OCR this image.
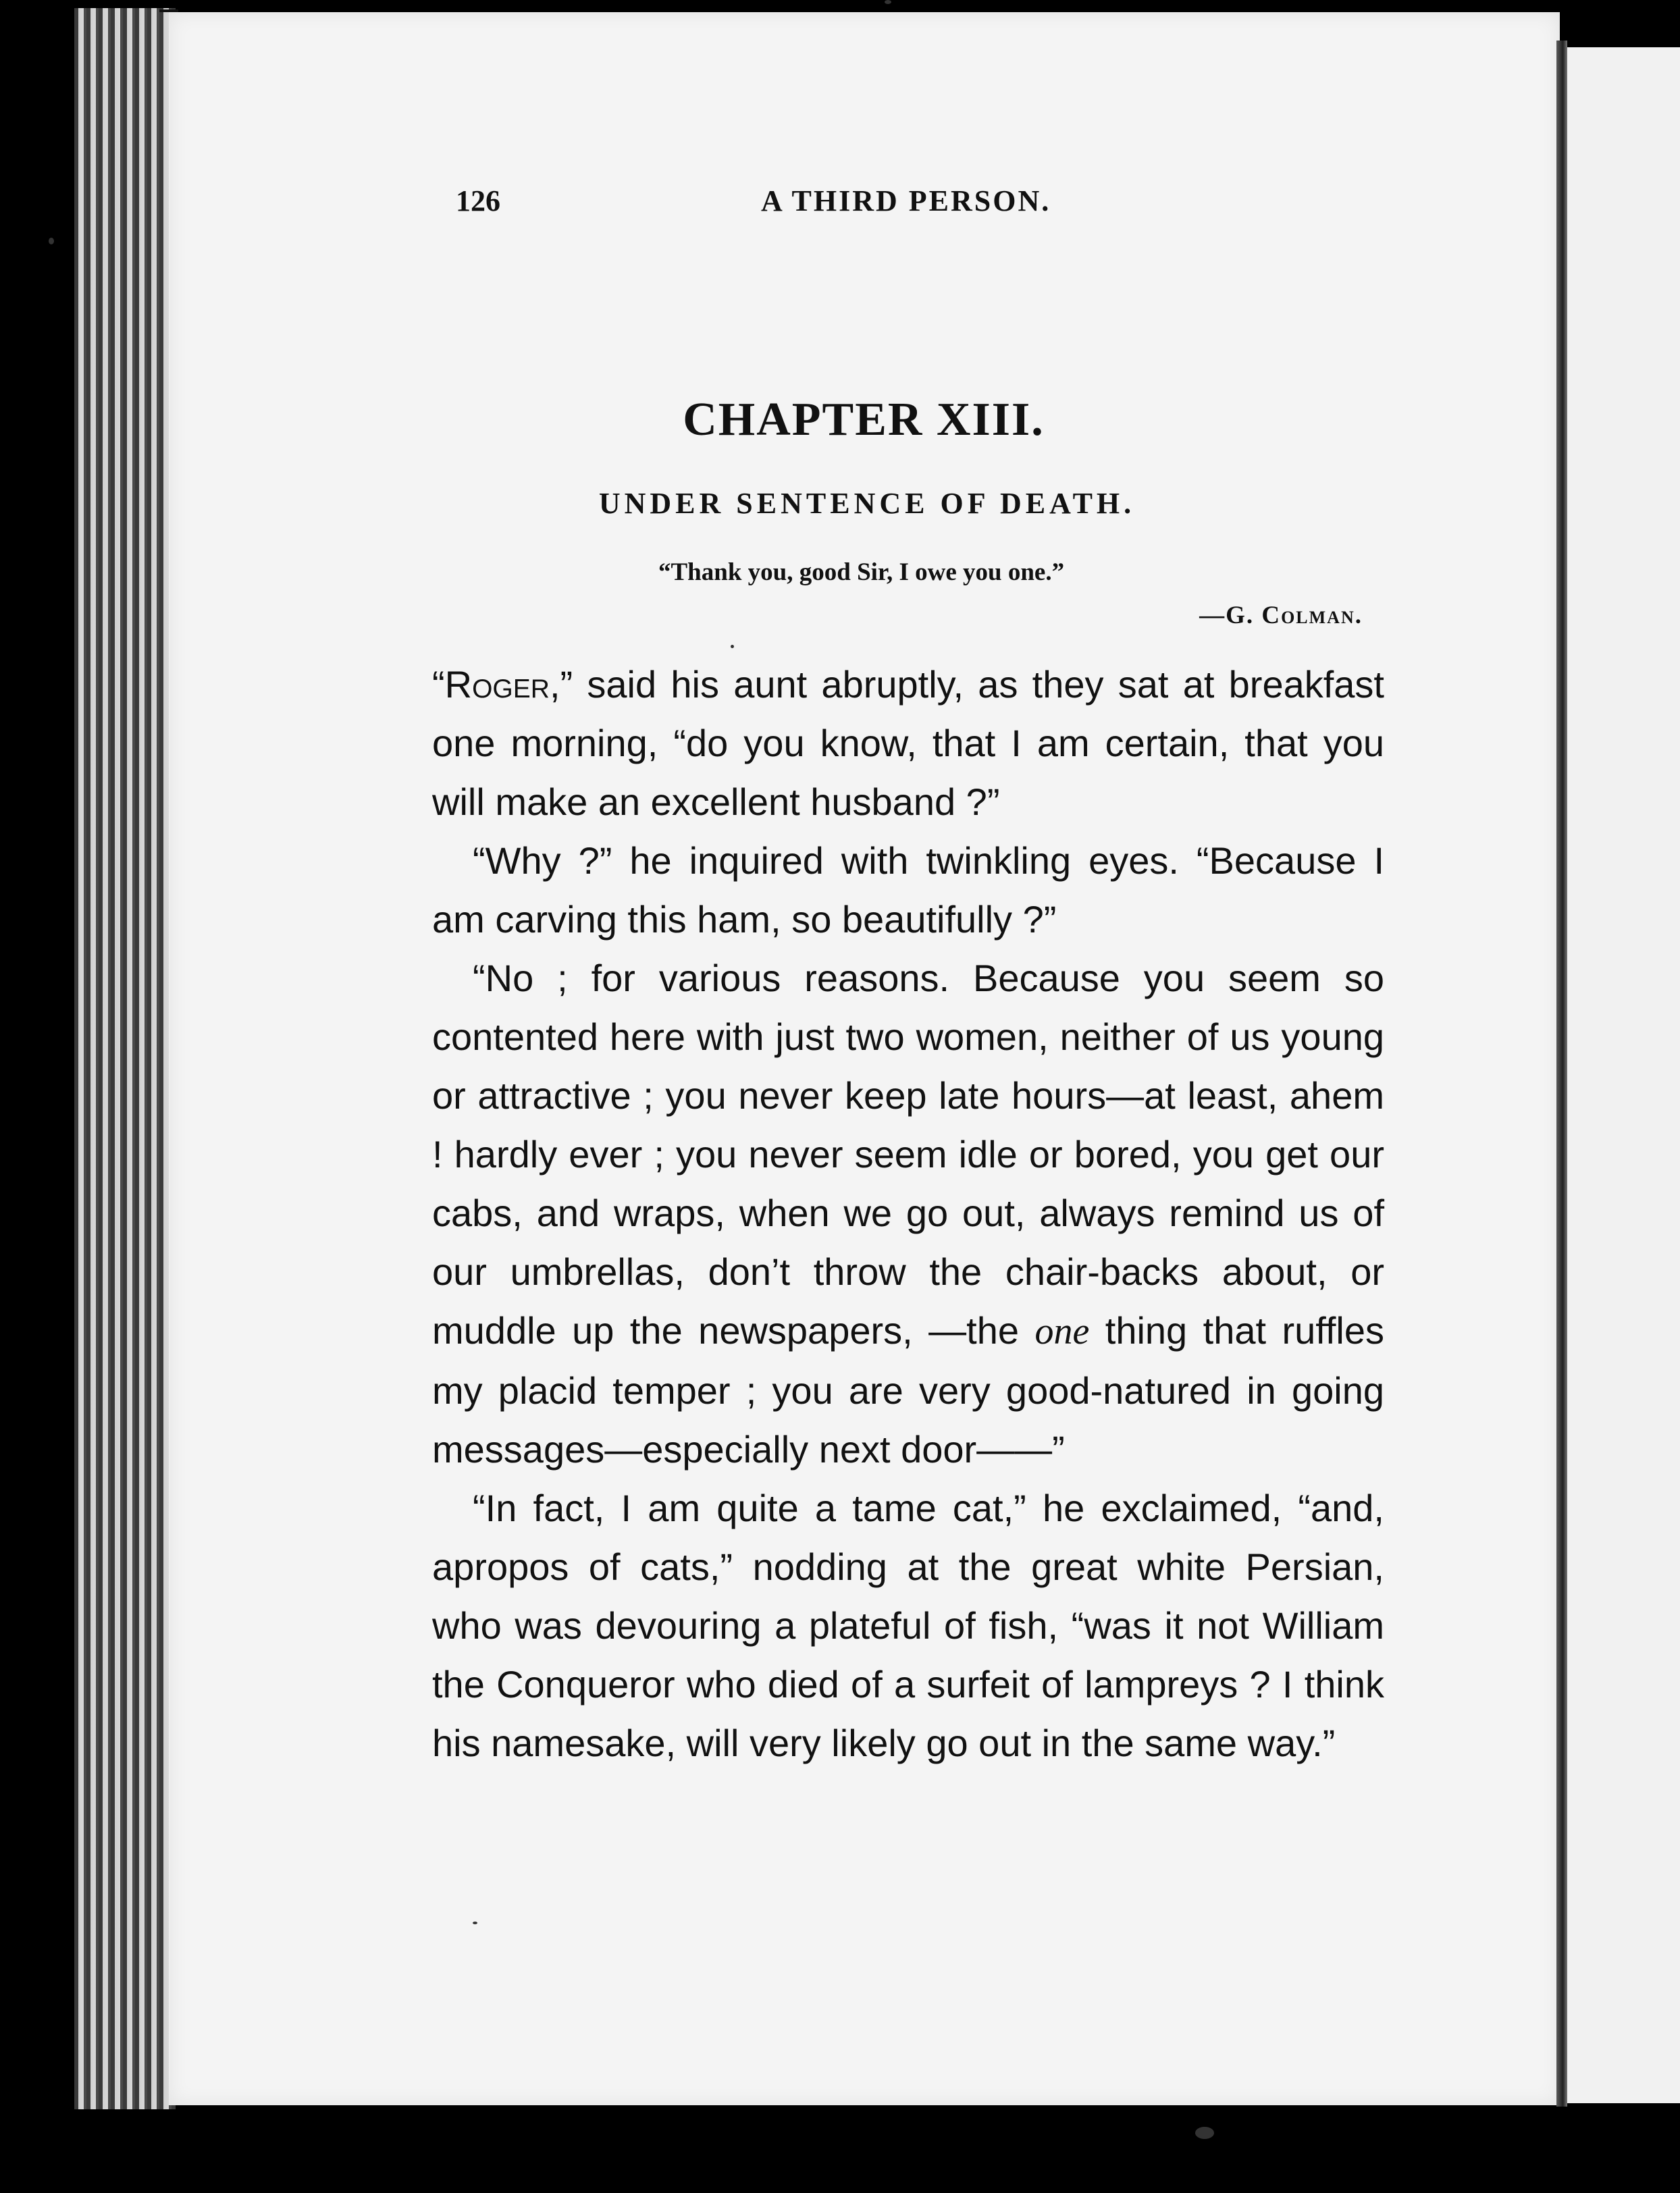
126	A THIRD PERSON.
CHAPTER XIII.
UNDER SENTENCE OF DEATH.
“Thank you, good Sir, I owe you one.”
—G. Colman.

“Roger,” said his aunt abruptly, as they sat at breakfast one morning, “do you know, that I am certain, that you will make an excellent husband ?”

“Why ?” he inquired with twinkling eyes. “Because I am carving this ham, so beautifully ?”

“No ; for various reasons. Because you seem so contented here with just two women, neither of us young or attractive ; you never keep late hours—at least, ahem ! hardly ever ; you never seem idle or bored, you get our cabs, and wraps, when we go out, always remind us of our umbrellas, don’t throw the chair-backs about, or muddle up the newspapers, —the one thing that ruffles my placid temper ; you are very good-natured in going messages—especially next door——”

“In fact, I am quite a tame cat,” he exclaimed, “and, apropos of cats,” nodding at the great white Persian, who was devouring a plateful of fish, “was it not William the Conqueror who died of a surfeit of lampreys ? I think his namesake, will very likely go out in the same way.”
